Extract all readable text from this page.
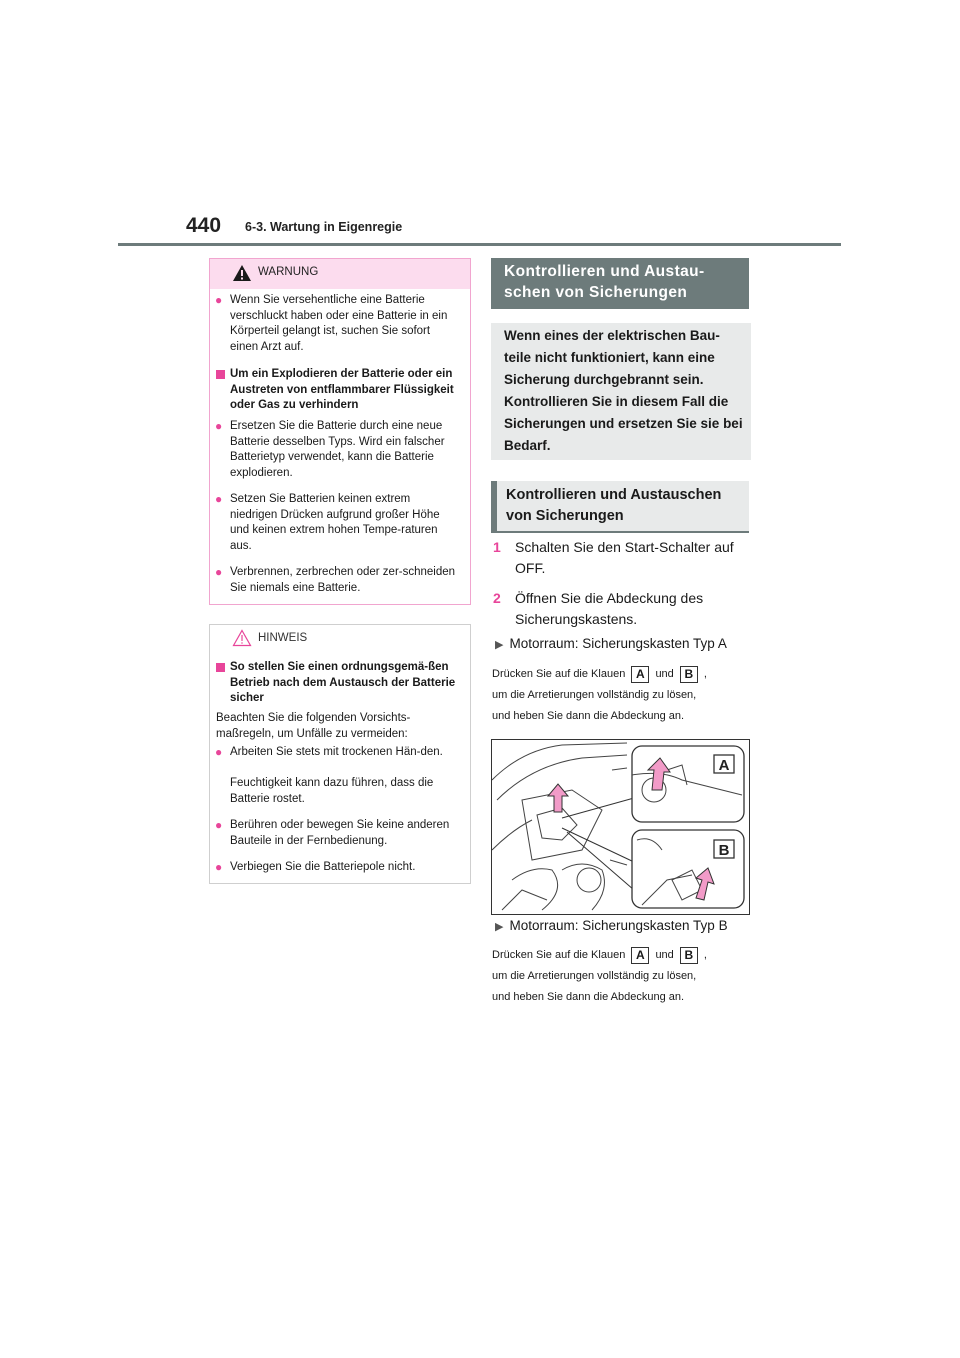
440 6-3. Wartung in Eigenregie
WARNUNG
● Wenn Sie versehentliche eine Batterie verschluckt haben oder eine Batterie in ein Körperteil gelangt ist, suchen Sie sofort einen Arzt auf.
Um ein Explodieren der Batterie oder ein Austreten von entflammbarer Flüssigkeit oder Gas zu verhindern
● Ersetzen Sie die Batterie durch eine neue Batterie desselben Typs. Wird ein falscher Batterietyp verwendet, kann die Batterie explodieren.
● Setzen Sie Batterien keinen extrem niedrigen Drücken aufgrund großer Höhe und keinen extrem hohen Tempe-raturen aus.
● Verbrennen, zerbrechen oder zer-schneiden Sie niemals eine Batterie.
HINWEIS
So stellen Sie einen ordnungsgemä-ßen Betrieb nach dem Austausch der Batterie sicher
Beachten Sie die folgenden Vorsichts-maßregeln, um Unfälle zu vermeiden:
● Arbeiten Sie stets mit trockenen Hän-den.
Feuchtigkeit kann dazu führen, dass die Batterie rostet.
● Berühren oder bewegen Sie keine anderen Bauteile in der Fernbedienung.
● Verbiegen Sie die Batteriepole nicht.
Kontrollieren und Austau-schen von Sicherungen
Wenn eines der elektrischen Bau-teile nicht funktioniert, kann eine Sicherung durchgebrannt sein. Kontrollieren Sie in diesem Fall die Sicherungen und ersetzen Sie sie bei Bedarf.
Kontrollieren und Austauschen von Sicherungen
1 Schalten Sie den Start-Schalter auf OFF.
2 Öffnen Sie die Abdeckung des Sicherungskastens.
▶ Motorraum: Sicherungskasten Typ A
Drücken Sie auf die Klauen A und B ,
um die Arretierungen vollständig zu lösen,
und heben Sie dann die Abdeckung an.
A
B
▶ Motorraum: Sicherungskasten Typ B
Drücken Sie auf die Klauen A und B ,
um die Arretierungen vollständig zu lösen,
und heben Sie dann die Abdeckung an.
